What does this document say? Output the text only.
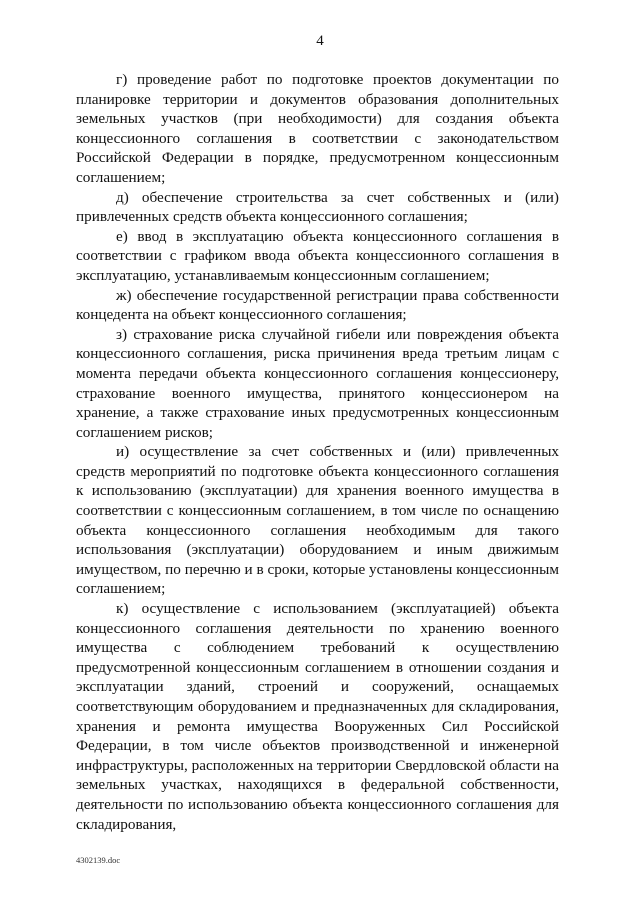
4

г) проведение работ по подготовке проектов документации по планировке территории и документов образования дополнительных земельных участков (при необходимости) для создания объекта концессионного соглашения в соответствии с законодательством Российской Федерации в порядке, предусмотренном концессионным соглашением;

д) обеспечение строительства за счет собственных и (или) привлеченных средств объекта концессионного соглашения;

е) ввод в эксплуатацию объекта концессионного соглашения в соответствии с графиком ввода объекта концессионного соглашения в эксплуатацию, устанавливаемым концессионным соглашением;

ж) обеспечение государственной регистрации права собственности концедента на объект концессионного соглашения;

з) страхование риска случайной гибели или повреждения объекта концессионного соглашения, риска причинения вреда третьим лицам с момента передачи объекта концессионного соглашения концессионеру, страхование военного имущества, принятого концессионером на хранение, а также страхование иных предусмотренных концессионным соглашением рисков;

и) осуществление за счет собственных и (или) привлеченных средств мероприятий по подготовке объекта концессионного соглашения к использованию (эксплуатации) для хранения военного имущества в соответствии с концессионным соглашением, в том числе по оснащению объекта концессионного соглашения необходимым для такого использования (эксплуатации) оборудованием и иным движимым имуществом, по перечню и в сроки, которые установлены концессионным соглашением;

к) осуществление с использованием (эксплуатацией) объекта концессионного соглашения деятельности по хранению военного имущества с соблюдением требований к осуществлению предусмотренной концессионным соглашением в отношении создания и эксплуатации зданий, строений и сооружений, оснащаемых соответствующим оборудованием и предназначенных для складирования, хранения и ремонта имущества Вооруженных Сил Российской Федерации, в том числе объектов производственной и инженерной инфраструктуры, расположенных на территории Свердловской области на земельных участках, находящихся в федеральной собственности, деятельности по использованию объекта концессионного соглашения для складирования,

4302139.doc
